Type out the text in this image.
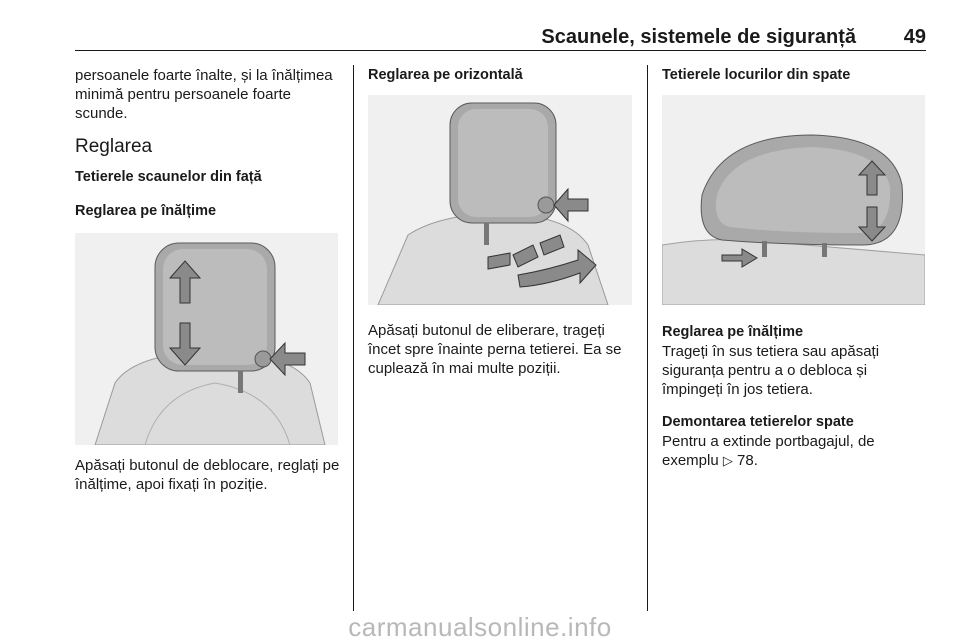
Scaunele, sistemele de siguranță 49

persoanele foarte înalte, și la înălțimea minimă pentru persoanele foarte scunde.

Reglarea

Tetierele scaunelor din față

Reglarea pe înălțime

Apăsați butonul de deblocare, reglați pe înălțime, apoi fixați în poziție.

Reglarea pe orizontală

Apăsați butonul de eliberare, trageți încet spre înainte perna tetierei. Ea se cuplează în mai multe poziții.

Tetierele locurilor din spate

Reglarea pe înălțime

Trageți în sus tetiera sau apăsați siguranța pentru a o debloca și împingeți în jos tetiera.

Demontarea tetierelor spate

Pentru a extinde portbagajul, de exemplu ▷ 78.

carmanualsonline.info
